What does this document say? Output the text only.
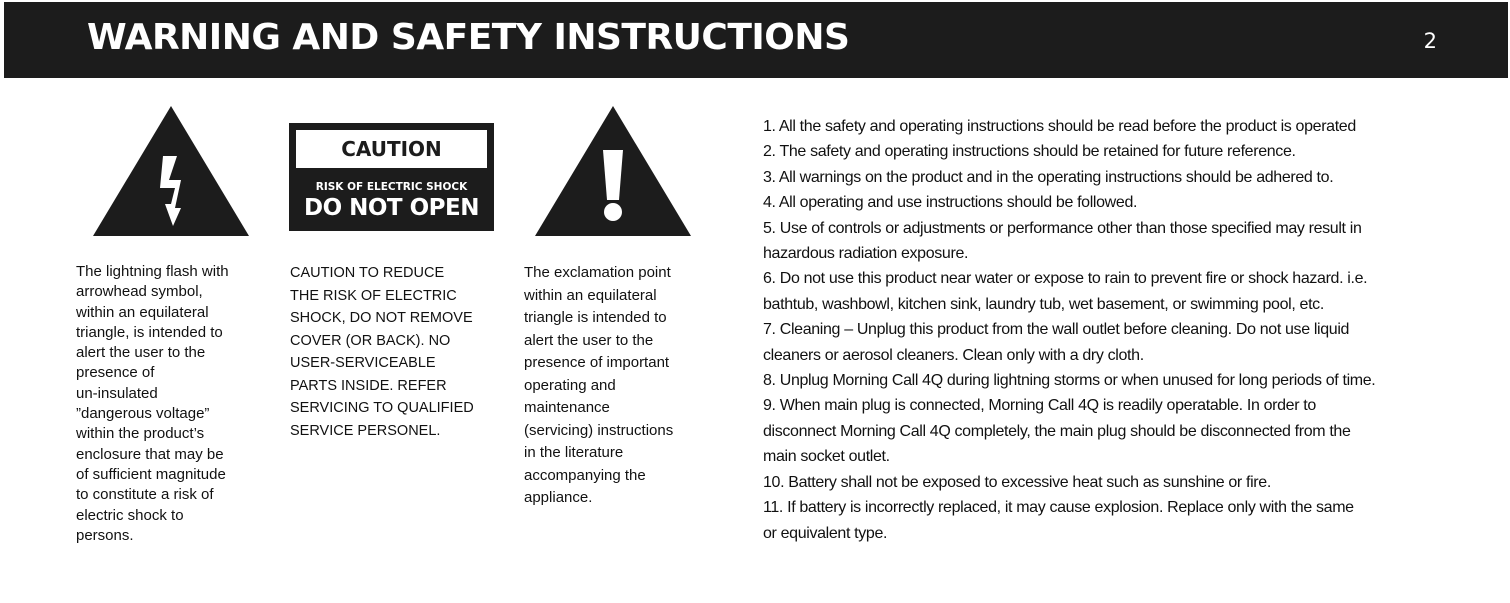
WARNING AND SAFETY INSTRUCTIONS	2
CAUTION
RISK OF ELECTRIC SHOCK
DO NOT OPEN

The lightning flash with

arrowhead symbol,

within an equilateral

triangle, is intended to

alert the user to the

presence of

un-insulated

”dangerous voltage”

within the product’s

enclosure that may be

of sufficient magnitude

to constitute a risk of

electric shock to

persons.

CAUTION TO REDUCE

THE RISK OF ELECTRIC

SHOCK, DO NOT REMOVE

COVER (OR BACK). NO

USER-SERVICEABLE

PARTS INSIDE. REFER

SERVICING TO QUALIFIED

SERVICE PERSONEL.

The exclamation point

within an equilateral

triangle is intended to

alert the user to the

presence of important

operating and

maintenance

(servicing) instructions

in the literature

accompanying the

appliance.

1. All the safety and operating instructions should be read before the product is operated

2. The safety and operating instructions should be retained for future reference.

3. All warnings on the product and in the operating instructions should be adhered to.

4. All operating and use instructions should be followed.

5. Use of controls or adjustments or performance other than those specified may result in

hazardous radiation exposure.

6. Do not use this product near water or expose to rain to prevent fire or shock hazard. i.e.

bathtub, washbowl, kitchen sink, laundry tub, wet basement, or swimming pool, etc.

7. Cleaning – Unplug this product from the wall outlet before cleaning. Do not use liquid

cleaners or aerosol cleaners. Clean only with a dry cloth.

8. Unplug Morning Call 4Q during lightning storms or when unused for long periods of time.

9. When main plug is connected, Morning Call 4Q is readily operatable. In order to

disconnect Morning Call 4Q completely, the main plug should be disconnected from the

main socket outlet.

10. Battery shall not be exposed to excessive heat such as sunshine or fire.

11. If battery is incorrectly replaced, it may cause explosion. Replace only with the same

or equivalent type.
